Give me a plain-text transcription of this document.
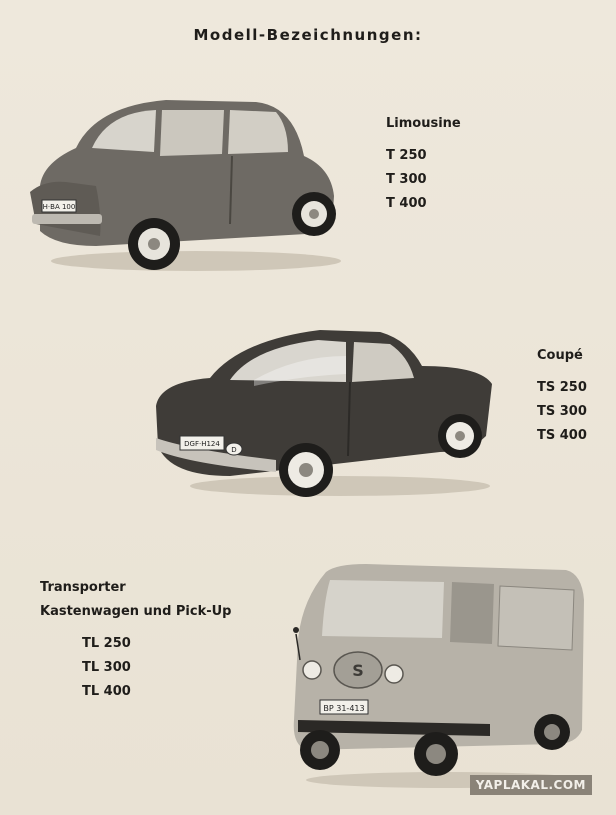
Modell-Bezeichnungen:
H·BA 100
Limousine
T 250
T 300
T 400
DGF·H124
D
Coupé
TS 250
TS 300
TS 400
Transporter
Kastenwagen und Pick-Up
TL 250
TL 300
TL 400
S
BP 31-413
YAPLAKAL.COM
